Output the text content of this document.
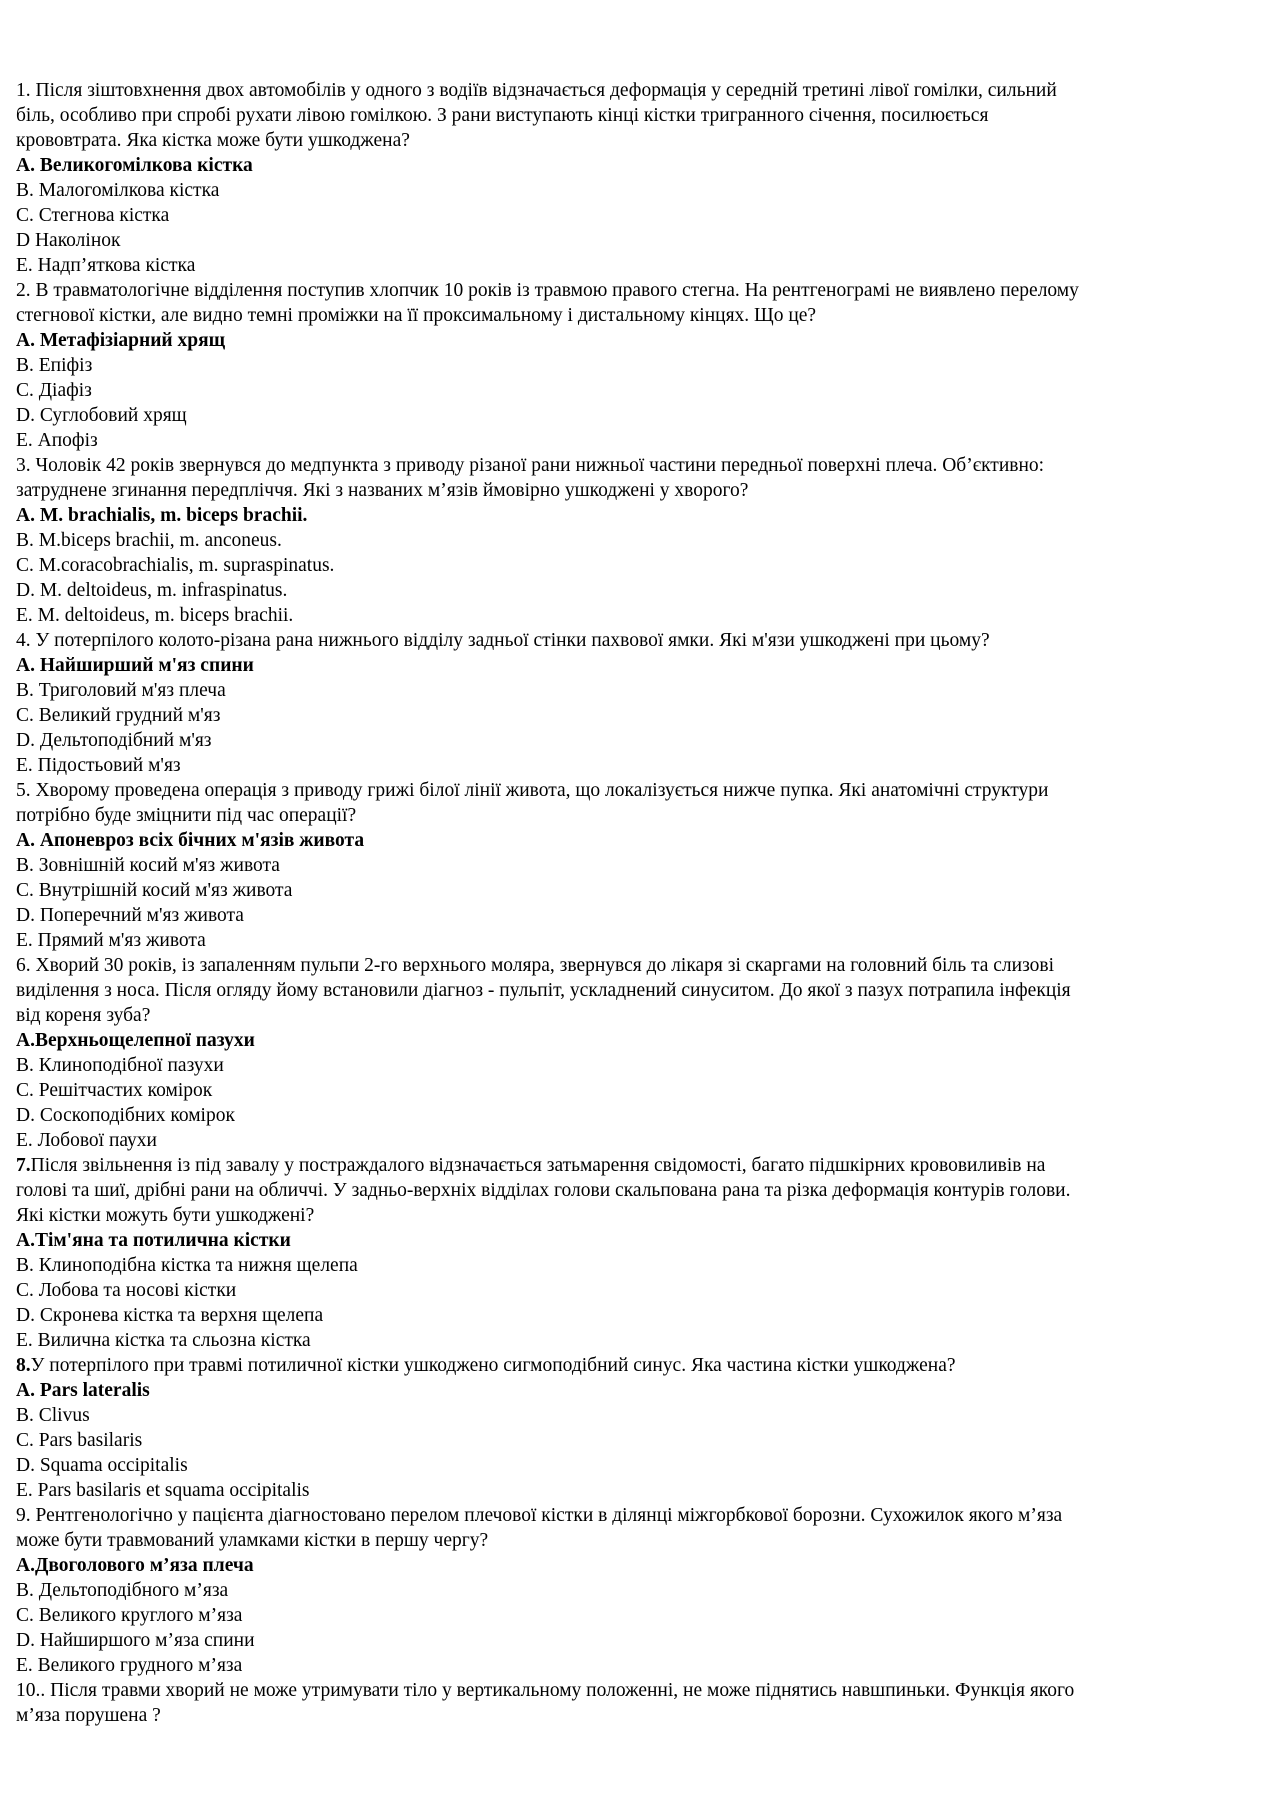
1. Після зіштовхнення двох автомобілів у одного з водіїв відзначається деформація у середній третині лівої гомілки, сильний
біль, особливо при спробі рухати лівою гомілкою. З рани виступають кінці кістки тригранного січення, посилюється
крововтрата. Яка кістка може бути ушкоджена?
А. Великогомілкова кістка
В. Малогомілкова кістка
С. Стегнова кістка
D Наколінок
Е. Надп’яткова кістка
2. В травматологічне відділення поступив хлопчик 10 років із травмою правого стегна. На рентгенограмі не виявлено перелому
стегнової кістки, але видно темні проміжки на її проксимальному і дистальному кінцях. Що це?
А. Метафізіарний хрящ
В. Епіфіз
С. Діафіз
D. Суглобовий хрящ
Е. Апофіз
3. Чоловік 42 років звернувся до медпункта з приводу різаної рани нижньої частини передньої поверхні плеча. Об’єктивно:
затруднене згинання передпліччя. Які з названих м’язів ймовірно ушкоджені у хворого?
А. M. brachialis, m. biceps brachii.
B. M.biceps brachii, m. anconeus.
C. M.coracobrachialis, m. supraspinatus.
D. M. deltoideus, m. infraspinatus.
E. M. deltoideus, m. biceps brachii.
4. У потерпілого колото-різана рана нижнього відділу задньої стінки пахвової ямки. Які м'язи ушкоджені при цьому?
А. Найширший м'яз спини
В. Триголовий м'яз плеча
С. Великий грудний м'яз
D. Дельтоподібний м'яз
Е. Підостьовий м'яз
5. Хворому проведена операція з приводу грижі білої лінії живота, що локалізується нижче пупка. Які анатомічні структури
потрібно буде зміцнити під час операції?
А. Апоневроз всіх бічних м'язів живота
В. Зовнішній косий м'яз живота
С. Внутрішній косий м'яз живота
D. Поперечний м'яз живота
Е. Прямий м'яз живота
6. Хворий 30 років, із запаленням пульпи 2-го верхнього моляра, звернувся до лікаря зі скаргами на головний біль та слизові
виділення з носа. Після огляду йому встановили діагноз - пульпіт, ускладнений синуситом. До якої з пазух потрапила інфекція
від кореня зуба?
А.Верхньощелепної пазухи
В. Клиноподібної пазухи
С. Решітчастих комірок
D. Соскоподібних комірок
Е. Лобової пауxи
7.Після звільнення із під завалу у постраждалого відзначається затьмарення свідомості, багато підшкірних крововиливів на
голові та шиї, дрібні рани на обличчі. У задньо-верхніх відділах голови скальпована рана та різка деформація контурів голови.
Які кістки можуть бути ушкоджені?
А.Тім'яна та потилична кістки
В. Клиноподібна кістка та нижня щелепа
С. Лобова та носові кістки
D. Скронева кістка та верхня щелепа
Е. Вилична кістка та сльозна кістка
8.У потерпілого при травмі потиличної кістки ушкоджено сигмоподібний синус. Яка частина кістки ушкоджена?
А. Pars lateralis
В. Clivus
С. Pars basilaris
D. Squama occipitalis
Е. Pars basilaris et squama occipitalis
9. Рентгенологічно у пацієнта діагностовано перелом плечової кістки в ділянці міжгорбкової борозни. Сухожилок якого м’яза
може бути травмований уламками кістки в першу чергу?
А.Двоголового м’яза плеча
В. Дельтоподібного м’яза
С. Великого круглого м’яза
D. Найширшого м’яза спини
Е. Великого грудного м’яза
10.. Після травми хворий не може утримувати тіло у вертикальному положенні, не може піднятись навшпиньки. Функція якого
м’яза порушена ?
